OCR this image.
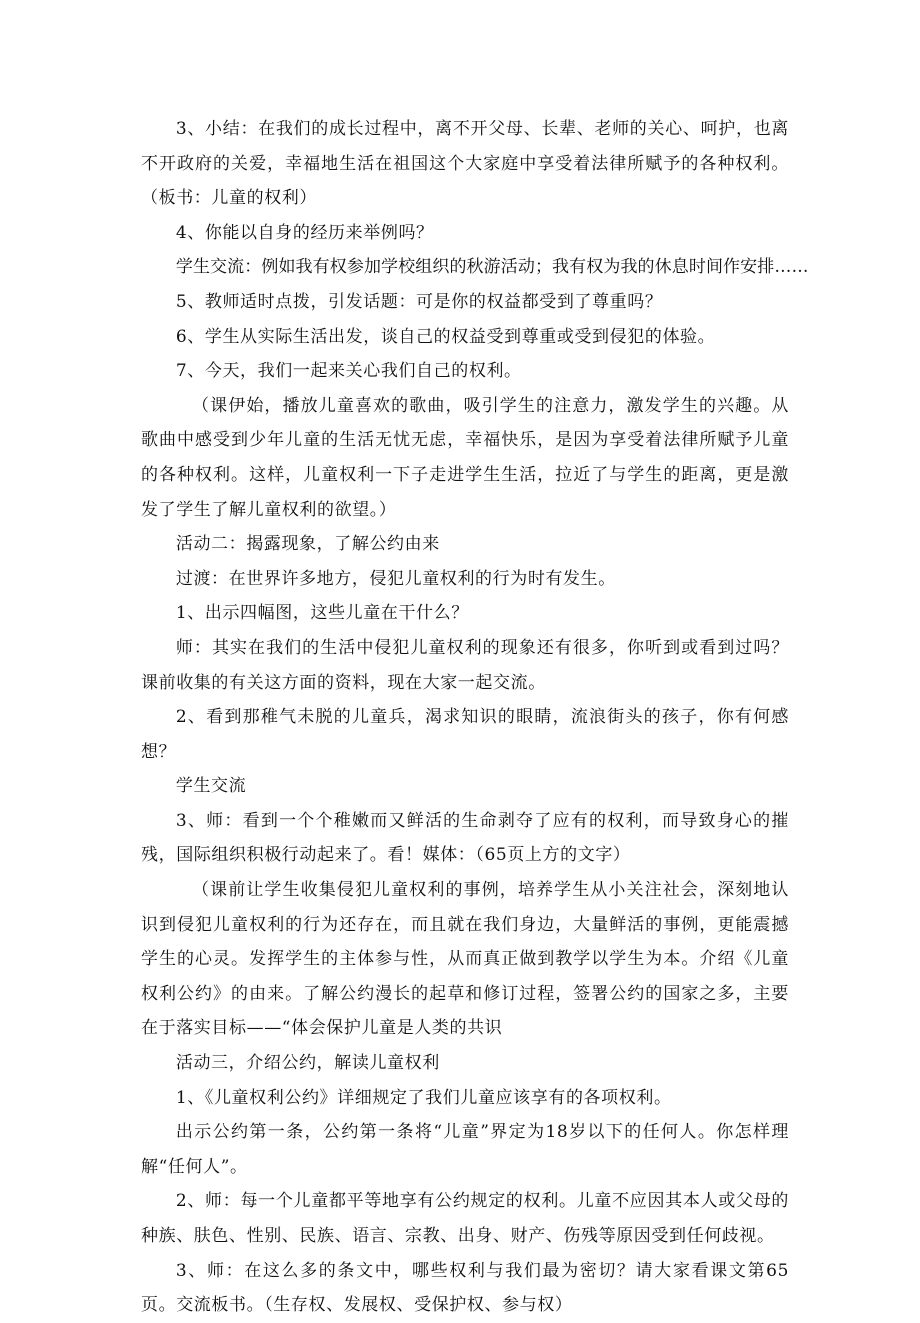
3、小结：在我们的成长过程中，离不开父母、长辈、老师的关心、呵护，也离不开政府的关爱，幸福地生活在祖国这个大家庭中享受着法律所赋予的各种权利。（板书：儿童的权利）

4、你能以自身的经历来举例吗？

学生交流：例如我有权参加学校组织的秋游活动；我有权为我的休息时间作安排……

5、教师适时点拨，引发话题：可是你的权益都受到了尊重吗？

6、学生从实际生活出发，谈自己的权益受到尊重或受到侵犯的体验。

7、今天，我们一起来关心我们自己的权利。

（课伊始，播放儿童喜欢的歌曲，吸引学生的注意力，激发学生的兴趣。从歌曲中感受到少年儿童的生活无忧无虑，幸福快乐，是因为享受着法律所赋予儿童的各种权利。这样，儿童权利一下子走进学生生活，拉近了与学生的距离，更是激发了学生了解儿童权利的欲望。）

活动二：揭露现象，了解公约由来

过渡：在世界许多地方，侵犯儿童权利的行为时有发生。

1、出示四幅图，这些儿童在干什么？

师：其实在我们的生活中侵犯儿童权利的现象还有很多，你听到或看到过吗？课前收集的有关这方面的资料，现在大家一起交流。

2、看到那稚气未脱的儿童兵，渴求知识的眼睛，流浪街头的孩子，你有何感想？

学生交流

3、师：看到一个个稚嫩而又鲜活的生命剥夺了应有的权利，而导致身心的摧残，国际组织积极行动起来了。看！媒体：（65页上方的文字）

（课前让学生收集侵犯儿童权利的事例，培养学生从小关注社会，深刻地认识到侵犯儿童权利的行为还存在，而且就在我们身边，大量鲜活的事例，更能震撼学生的心灵。发挥学生的主体参与性，从而真正做到教学以学生为本。介绍《儿童权利公约》的由来。了解公约漫长的起草和修订过程，签署公约的国家之多，主要在于落实目标——“体会保护儿童是人类的共识

活动三，介绍公约，解读儿童权利

1、《儿童权利公约》详细规定了我们儿童应该享有的各项权利。

出示公约第一条，公约第一条将“儿童”界定为18岁以下的任何人。你怎样理解“任何人”。

2、师：每一个儿童都平等地享有公约规定的权利。儿童不应因其本人或父母的种族、肤色、性别、民族、语言、宗教、出身、财产、伤残等原因受到任何歧视。

3、师：在这么多的条文中，哪些权利与我们最为密切？请大家看课文第65页。交流板书。（生存权、发展权、受保护权、参与权）
